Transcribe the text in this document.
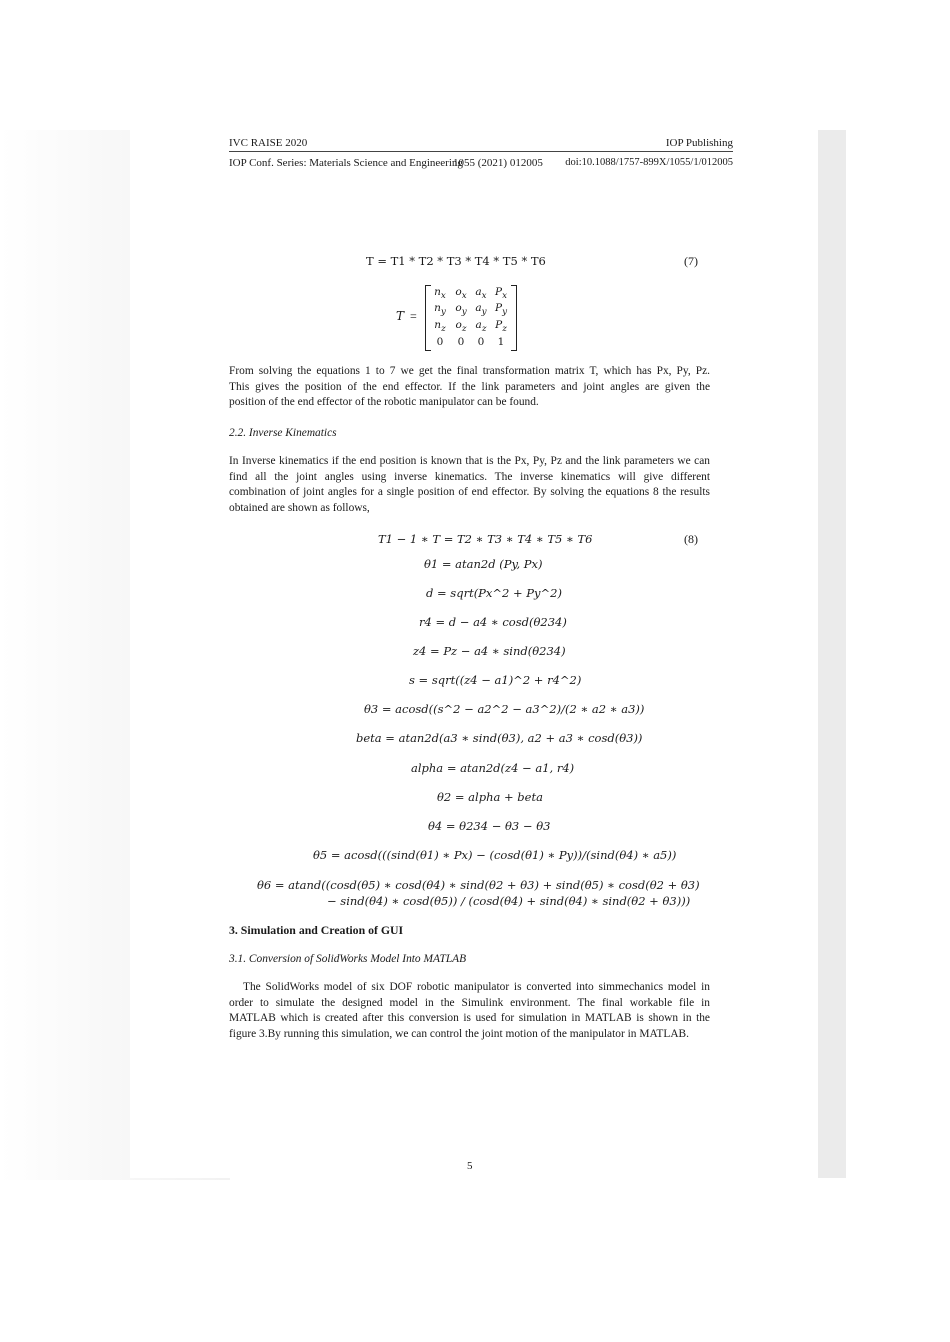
IVC RAISE 2020	IOP Publishing
IOP Conf. Series: Materials Science and Engineering
1055 (2021) 012005	doi:10.1088/1757-899X/1055/1/012005
T = T1 * T2 * T3 * T4 * T5 * T6	(7)
T =
$n_x$ $o_x$ $a_x$ $P_x$
$n_y$ $o_y$ $a_y$ $P_y$
$n_z$ $o_z$ $a_z$ $P_z$
0	0	0	1
From solving the equations 1 to 7 we get the final transformation matrix T, which has Px, Py, Pz.
This gives the position of the end effector. If the link parameters and joint angles are given the
position of the end effector of the robotic manipulator can be found.
2.2. Inverse Kinematics
In Inverse kinematics if the end position is known that is the Px, Py, Pz and the link parameters we can
find all the joint angles using inverse kinematics. The inverse kinematics will give different
combination of joint angles for a single position of end effector. By solving the equations 8 the results
obtained are shown as follows,
T1 − 1 ∗ T = T2 ∗ T3 ∗ T4 ∗ T5 ∗ T6	(8)
θ1 = atan2d (Py, Px)
d = sqrt(Px^2 + Py^2)
r4 = d − a4 ∗ cosd(θ234)
z4 = Pz − a4 ∗ sind(θ234)
s = sqrt((z4 − a1)^2 + r4^2)
θ3 = acosd((s^2 − a2^2 − a3^2)/(2 ∗ a2 ∗ a3))
beta = atan2d(a3 ∗ sind(θ3), a2 + a3 ∗ cosd(θ3))
alpha = atan2d(z4 − a1, r4)
θ2 = alpha + beta
θ4 = θ234 − θ3 − θ3
θ5 = acosd(((sind(θ1) ∗ Px) − (cosd(θ1) ∗ Py))/(sind(θ4) ∗ a5))
θ6 = atand((cosd(θ5) ∗ cosd(θ4) ∗ sind(θ2 + θ3) + sind(θ5) ∗ cosd(θ2 + θ3)
− sind(θ4) ∗ cosd(θ5)) / (cosd(θ4) + sind(θ4) ∗ sind(θ2 + θ3)))
3. Simulation and Creation of GUI
3.1. Conversion of SolidWorks Model Into MATLAB
The SolidWorks model of six DOF robotic manipulator is converted into simmechanics model in
order to simulate the designed model in the Simulink environment. The final workable file in
MATLAB which is created after this conversion is used for simulation in MATLAB is shown in the
figure 3.By running this simulation, we can control the joint motion of the manipulator in MATLAB.
5
